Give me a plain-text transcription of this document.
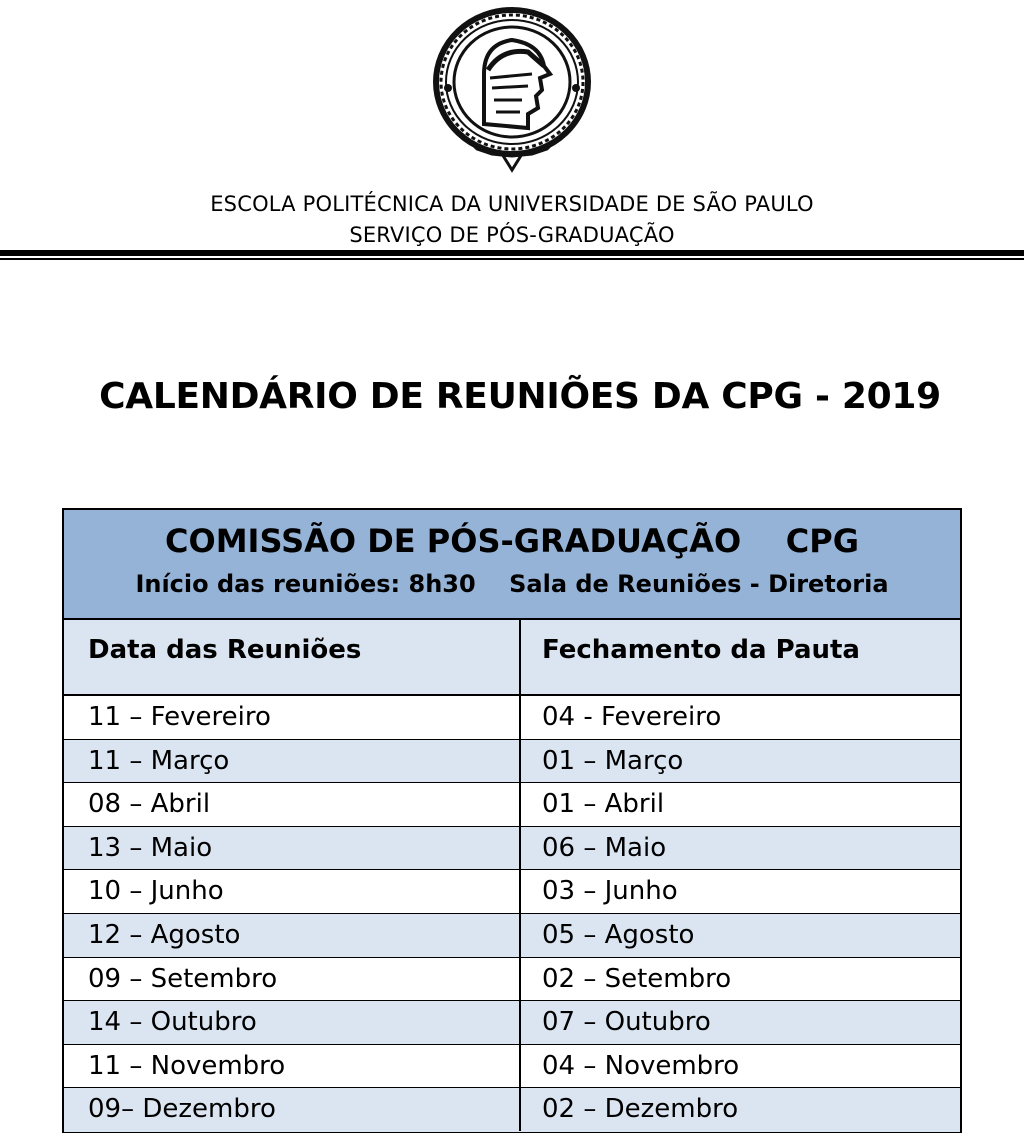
ESCOLA POLITÉCNICA DA UNIVERSIDADE DE SÃO PAULO
SERVIÇO DE PÓS-GRADUAÇÃO
CALENDÁRIO DE REUNIÕES DA CPG - 2019
COMISSÃO DE PÓS-GRADUAÇÃO    CPG
Início das reuniões: 8h30    Sala de Reuniões - Diretoria
Data das Reuniões	Fechamento da Pauta
11 – Fevereiro	04 - Fevereiro
11 – Março	01 – Março
08 – Abril	01 – Abril
13 – Maio	06 – Maio
10 – Junho	03 – Junho
12 – Agosto	05 – Agosto
09 – Setembro	02 – Setembro
14 – Outubro	07 – Outubro
11 – Novembro	04 – Novembro
09– Dezembro	02 – Dezembro
